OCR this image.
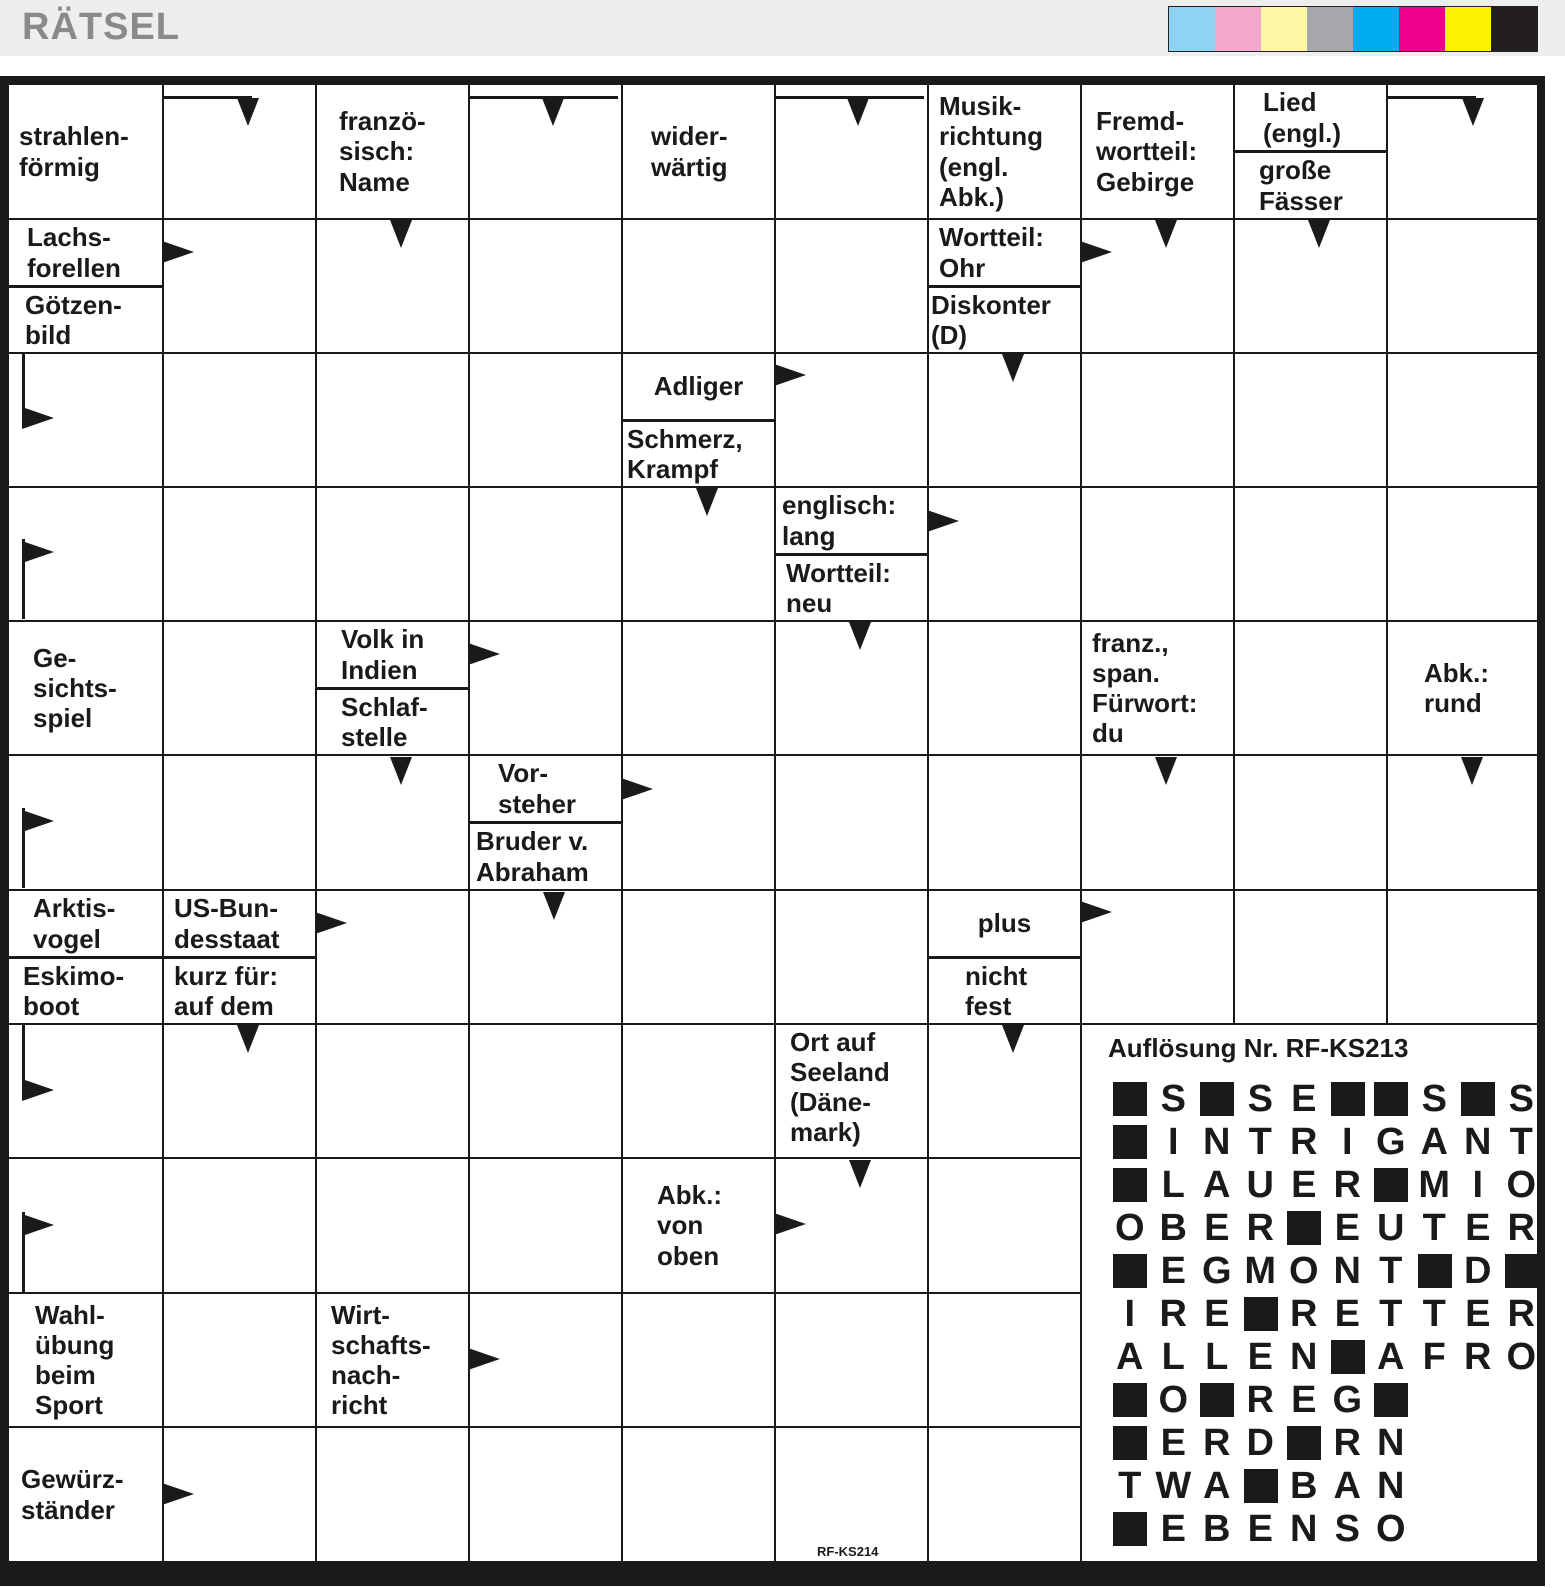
RÄTSEL
strahlen-
förmig
franzö-
sisch:
Name
wider-
wärtig
Musik-
richtung
(engl.
Abk.)
Fremd-
wortteil:
Gebirge
Lied
(engl.)
große
Fässer
Lachs-
forellen
Götzen-
bild
Wortteil:
Ohr
Diskonter
(D)
Adliger
Schmerz,
Krampf
englisch:
lang
Wortteil:
neu
Ge-
sichts-
spiel
Volk in
Indien
Schlaf-
stelle
franz.,
span.
Fürwort:
du
Abk.:
rund
Vor-
steher
Bruder v.
Abraham
Arktis-
vogel
Eskimo-
boot
US-Bun-
desstaat
kurz für:
auf dem
plus
nicht
fest
Ort auf
Seeland
(Däne-
mark)
Abk.:
von
oben
Wahl-
übung
beim
Sport
Wirt-
schafts-
nach-
richt
Gewürz-
ständer
Auflösung Nr. RF-KS213
S S E	S S
I N T R I G A N T
L A U E R M I O
O B E R E U T E R
E G M O N T D
I R E R E T T E R
A L L E N A F R O
O R E G
E R D R N
T W A B A N
E B E N S O
RF-KS214
